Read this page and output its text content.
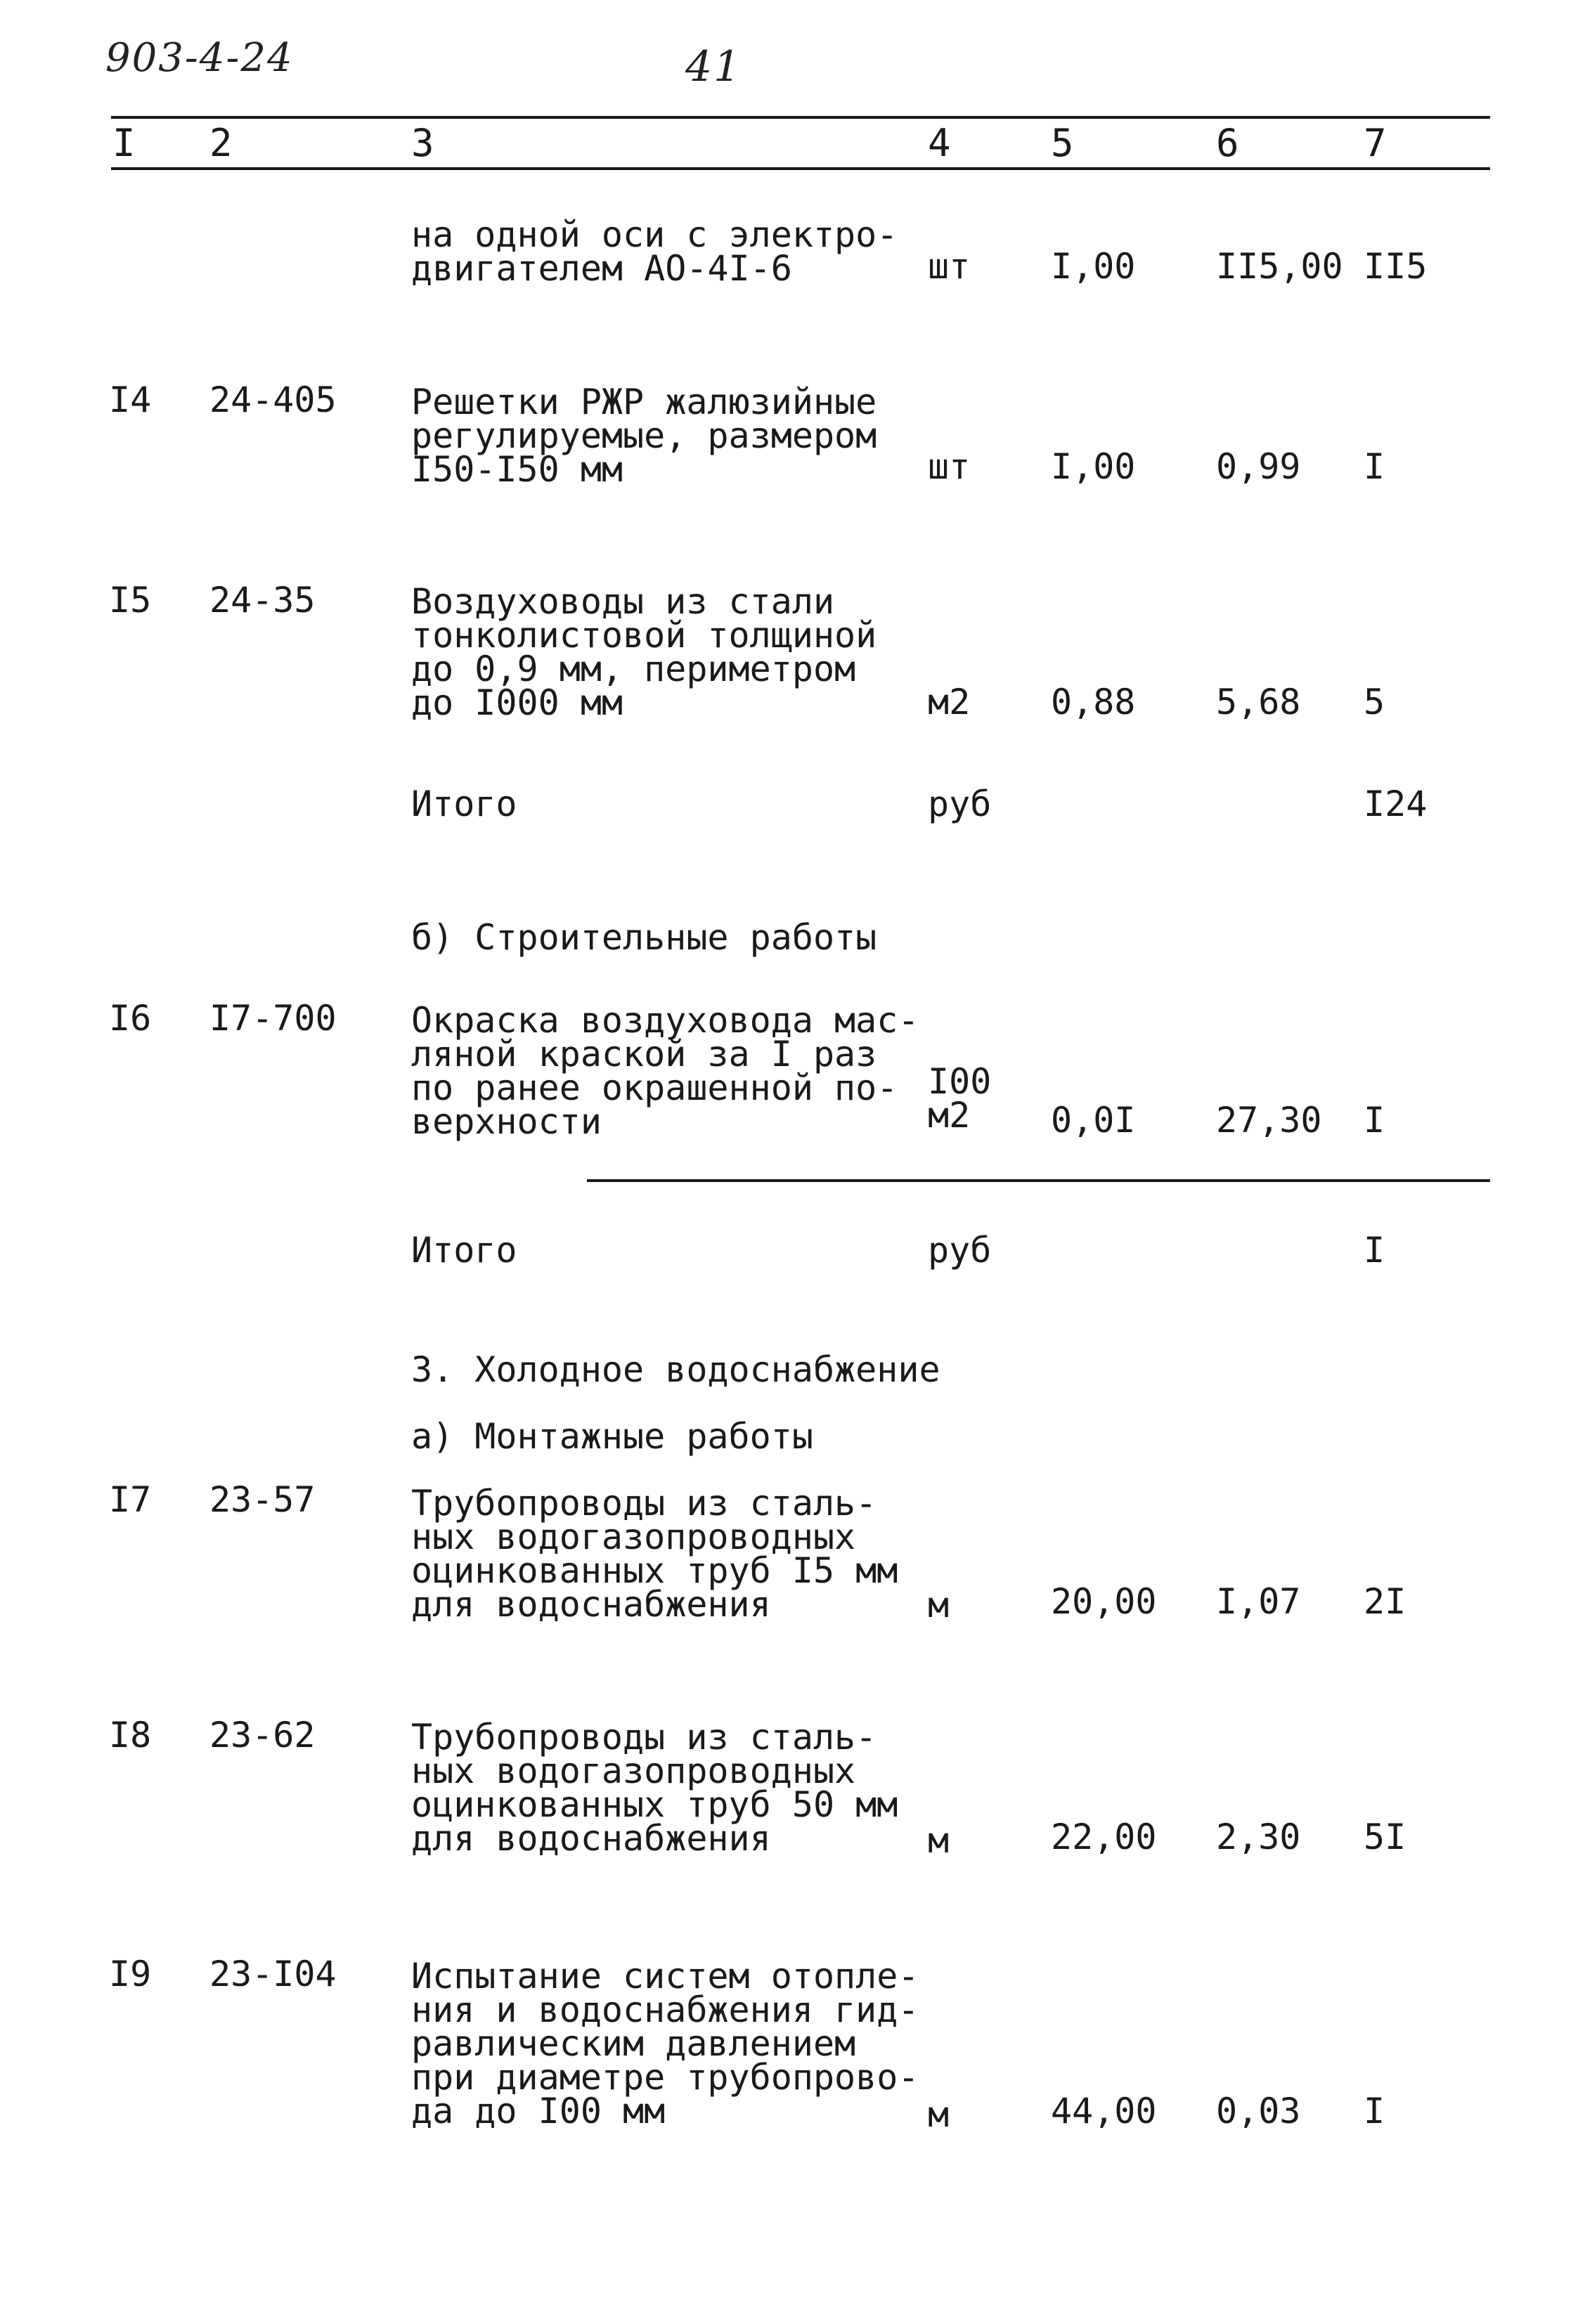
903-4-24	41
I 2	3	4	5	6	7
на одной оси с электро-
двигателем АО-4I-6	шт I,00 II5,00 II5
I4 24-405 Решетки РЖР жалюзийные
регулируемые, размером
I50-I50 мм	шт I,00 0,99 I
I5 24-35	Воздуховоды из стали
тонколистовой толщиной
до 0,9 мм, периметром
до I000 мм	м2 0,88 5,68 5
Итого	руб	I24
б) Строительные работы
I6 I7-700 Окраска воздуховода мас-
ляной краской за I раз
по ранее окрашенной по-
верхности
I00 м2	0,0I 27,30 I
Итого	руб	I
3. Холодное водоснабжение
а) Монтажные работы
I7 23-57	Трубопроводы из сталь-
ных водогазопроводных
оцинкованных труб I5 мм
для водоснабжения	м	20,00 I,07 2I
I8 23-62	Трубопроводы из сталь-
ных водогазопроводных
оцинкованных труб 50 мм
для водоснабжения	м	22,00 2,30 5I
I9 23-I04 Испытание систем отопле-
ния и водоснабжения гид-
равлическим давлением
при диаметре трубопрово-
да до I00 мм	м	44,00 0,03 I
